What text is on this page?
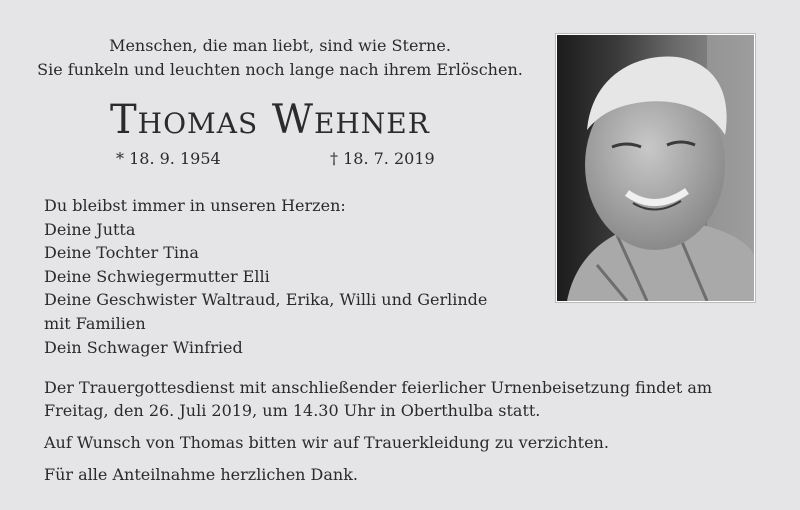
Menschen, die man liebt, sind wie Sterne.
Sie funkeln und leuchten noch lange nach ihrem Erlöschen.
Thomas Wehner
* 18. 9. 1954	† 18. 7. 2019
Du bleibst immer in unseren Herzen:
Deine Jutta
Deine Tochter Tina
Deine Schwiegermutter Elli
Deine Geschwister Waltraud, Erika, Willi und Gerlinde
mit Familien
Dein Schwager Winfried

Der Trauergottesdienst mit anschließender feierlicher Urnenbeisetzung findet am Freitag, den 26. Juli 2019, um 14.30 Uhr in Oberthulba statt.

Auf Wunsch von Thomas bitten wir auf Trauerkleidung zu verzichten.

Für alle Anteilnahme herzlichen Dank.
